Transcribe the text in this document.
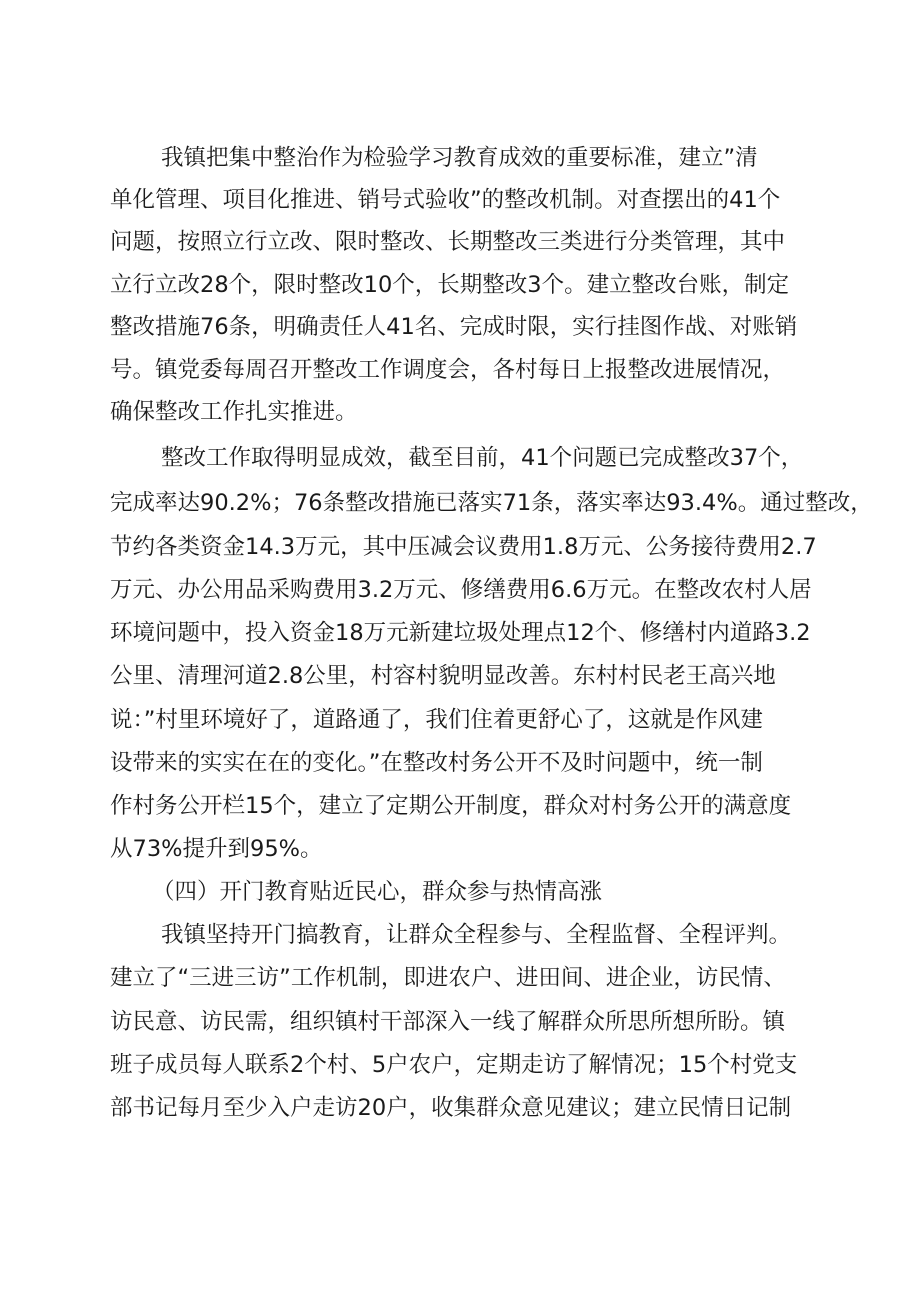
我镇把集中整治作为检验学习教育成效的重要标准，建立”清
单化管理、项目化推进、销号式验收”的整改机制。对查摆出的41个
问题，按照立行立改、限时整改、长期整改三类进行分类管理，其中
立行立改28个，限时整改10个，长期整改3个。建立整改台账，制定
整改措施76条，明确责任人41名、完成时限，实行挂图作战、对账销
号。镇党委每周召开整改工作调度会，各村每日上报整改进展情况，
确保整改工作扎实推进。
整改工作取得明显成效，截至目前，41个问题已完成整改37个，
完成率达90.2%；76条整改措施已落实71条，落实率达93.4%。通过整改，
节约各类资金14.3万元，其中压减会议费用1.8万元、公务接待费用2.7
万元、办公用品采购费用3.2万元、修缮费用6.6万元。在整改农村人居
环境问题中，投入资金18万元新建垃圾处理点12个、修缮村内道路3.2
公里、清理河道2.8公里，村容村貌明显改善。东村村民老王高兴地
说：”村里环境好了，道路通了，我们住着更舒心了，这就是作风建
设带来的实实在在的变化。”在整改村务公开不及时问题中，统一制
作村务公开栏15个，建立了定期公开制度，群众对村务公开的满意度
从73%提升到95%。
（四）开门教育贴近民心，群众参与热情高涨
我镇坚持开门搞教育，让群众全程参与、全程监督、全程评判。
建立了“三进三访”工作机制，即进农户、进田间、进企业，访民情、
访民意、访民需，组织镇村干部深入一线了解群众所思所想所盼。镇
班子成员每人联系2个村、5户农户，定期走访了解情况；15个村党支
部书记每月至少入户走访20户，收集群众意见建议；建立民情日记制
